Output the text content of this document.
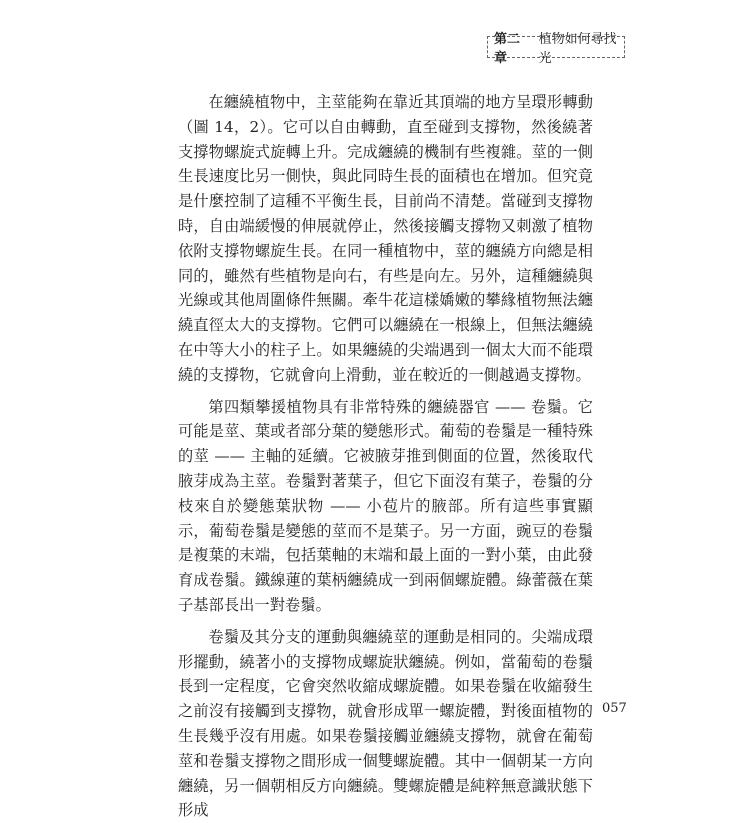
第二章
植物如何尋找光

在纏繞植物中，主莖能夠在靠近其頂端的地方呈環形轉動（圖 14，2）。它可以自由轉動，直至碰到支撐物，然後繞著支撐物螺旋式旋轉上升。完成纏繞的機制有些複雜。莖的一側生長速度比另一側快，與此同時生長的面積也在增加。但究竟是什麼控制了這種不平衡生長，目前尚不清楚。當碰到支撐物時，自由端緩慢的伸展就停止，然後接觸支撐物又刺激了植物依附支撐物螺旋生長。在同一種植物中，莖的纏繞方向總是相同的，雖然有些植物是向右，有些是向左。另外，這種纏繞與光線或其他周圍條件無關。牽牛花這樣嬌嫩的攀緣植物無法纏繞直徑太大的支撐物。它們可以纏繞在一根線上，但無法纏繞在中等大小的柱子上。如果纏繞的尖端遇到一個太大而不能環繞的支撐物，它就會向上滑動，並在較近的一側越過支撐物。

第四類攀援植物具有非常特殊的纏繞器官 —— 卷鬚。它可能是莖、葉或者部分葉的變態形式。葡萄的卷鬚是一種特殊的莖 —— 主軸的延續。它被腋芽推到側面的位置，然後取代腋芽成為主莖。卷鬚對著葉子，但它下面沒有葉子，卷鬚的分枝來自於變態葉狀物 —— 小苞片的腋部。所有這些事實顯示，葡萄卷鬚是變態的莖而不是葉子。另一方面，豌豆的卷鬚是複葉的末端，包括葉軸的末端和最上面的一對小葉，由此發育成卷鬚。鐵線蓮的葉柄纏繞成一到兩個螺旋體。綠蕾薇在葉子基部長出一對卷鬚。

卷鬚及其分支的運動與纏繞莖的運動是相同的。尖端成環形擺動，繞著小的支撐物成螺旋狀纏繞。例如，當葡萄的卷鬚長到一定程度，它會突然收縮成螺旋體。如果卷鬚在收縮發生之前沒有接觸到支撐物，就會形成單一螺旋體，對後面植物的生長幾乎沒有用處。如果卷鬚接觸並纏繞支撐物，就會在葡萄莖和卷鬚支撐物之間形成一個雙螺旋體。其中一個朝某一方向纏繞，另一個朝相反方向纏繞。雙螺旋體是純粹無意識狀態下形成

057
